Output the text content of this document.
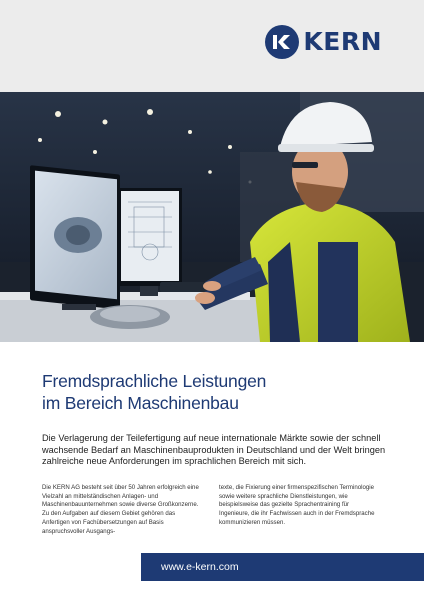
KERN
Fremdsprachliche Leistungen
im Bereich Maschinenbau
Die Verlagerung der Teilefertigung auf neue internationale Märkte sowie der schnell wachsende Bedarf an Maschinenbauprodukten in Deutschland und der Welt bringen zahlreiche neue Anforderungen im sprachlichen Bereich mit sich.
Die KERN AG besteht seit über 50 Jahren erfolgreich eine Vielzahl an mittelständischen Anlagen- und Maschinenbauunternehmen sowie diverse Großkonzerne. Zu den Aufgaben auf diesem Gebiet gehören das Anfertigen von Fachübersetzungen auf Basis anspruchsvoller Ausgangs-
texte, die Fixierung einer firmenspezifischen Terminologie sowie weitere sprachliche Dienstleistungen, wie beispielsweise das gezielte Sprachentraining für Ingenieure, die ihr Fachwissen auch in der Fremdsprache kommunizieren müssen.
www.e-kern.com
